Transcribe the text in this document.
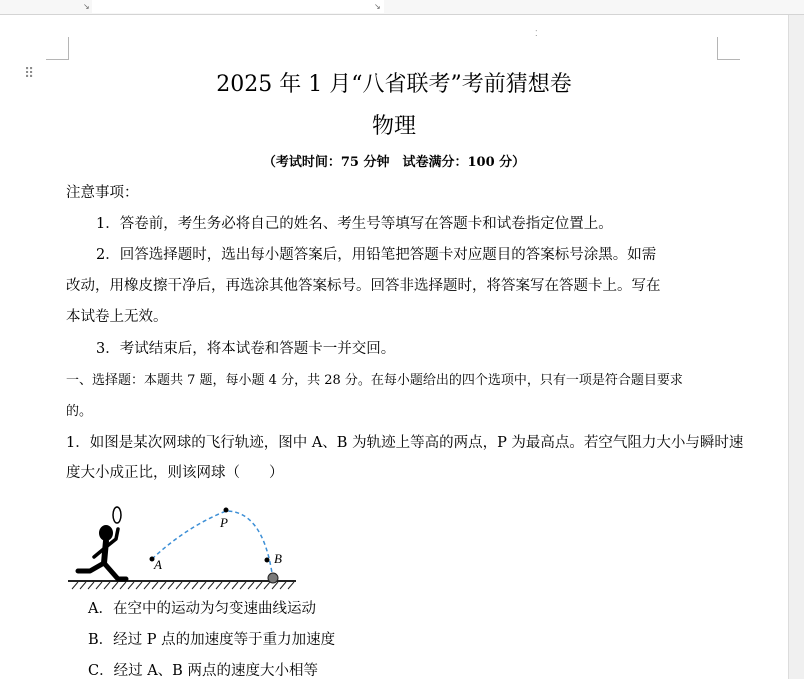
↘	↘
⁚
⠿	2025 年 1 月“八省联考”考前猜想卷
物理
（考试时间：75 分钟　试卷满分：100 分）
注意事项：
1．答卷前，考生务必将自己的姓名、考生号等填写在答题卡和试卷指定位置上。
2．回答选择题时，选出每小题答案后，用铅笔把答题卡对应题目的答案标号涂黑。如需
改动，用橡皮擦干净后，再选涂其他答案标号。回答非选择题时，将答案写在答题卡上。写在
本试卷上无效。
3．考试结束后，将本试卷和答题卡一并交回。
一、选择题：本题共 7 题，每小题 4 分，共 28 分。在每小题给出的四个选项中，只有一项是符合题目要求
的。
1．如图是某次网球的飞行轨迹，图中 A、B 为轨迹上等高的两点，P 为最高点。若空气阻力大小与瞬时速
度大小成正比，则该网球（　　）
A
P
B
A．在空中的运动为匀变速曲线运动
B．经过 P 点的加速度等于重力加速度
C．经过 A、B 两点的速度大小相等
